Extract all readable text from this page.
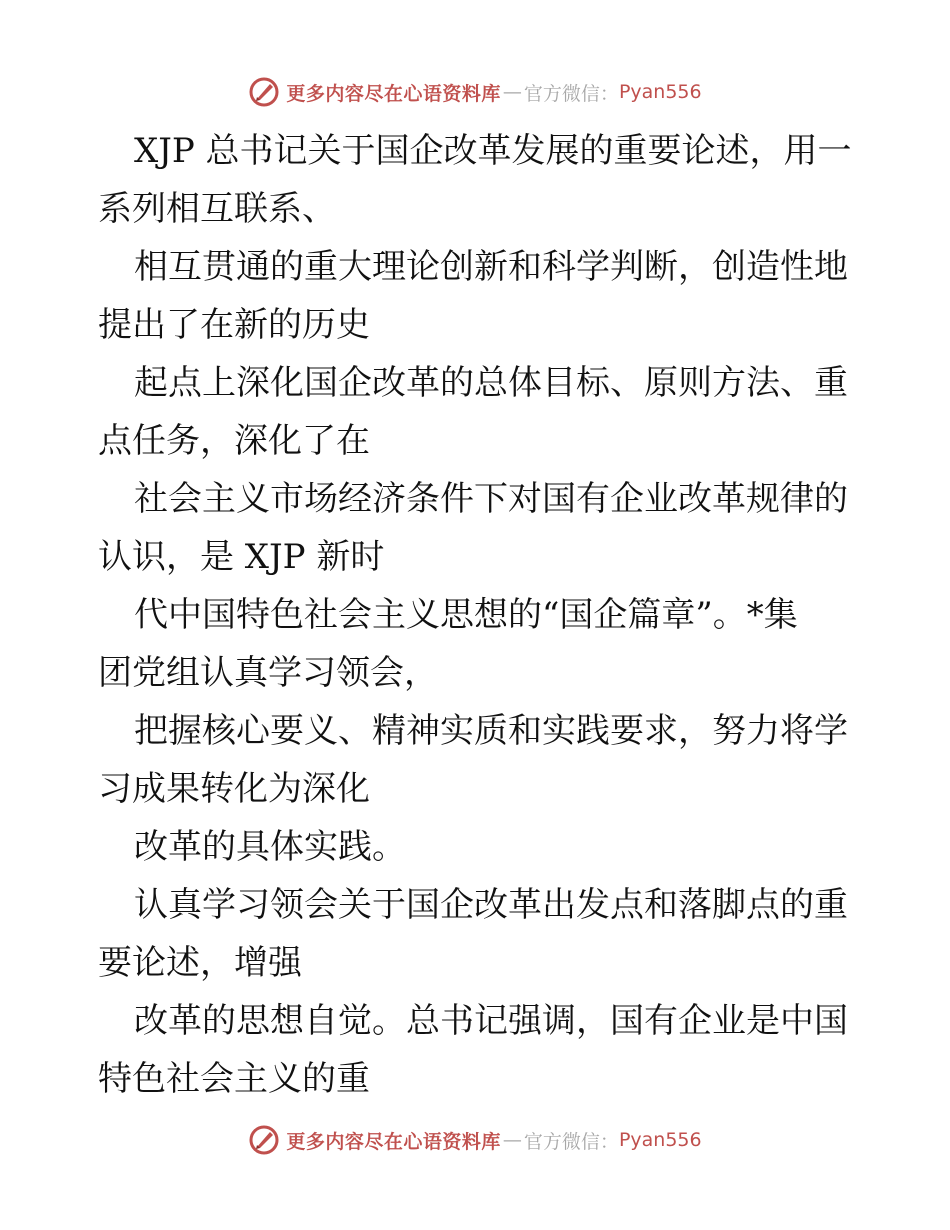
更多内容尽在心语资料库 — 官方微信： Pyan556
XJP 总书记关于国企改革发展的重要论述，用一
系列相互联系、
相互贯通的重大理论创新和科学判断，创造性地
提出了在新的历史
起点上深化国企改革的总体目标、原则方法、重
点任务，深化了在
社会主义市场经济条件下对国有企业改革规律的
认识，是 XJP 新时
代中国特色社会主义思想的“国企篇章”。*集
团党组认真学习领会，
把握核心要义、精神实质和实践要求，努力将学
习成果转化为深化
改革的具体实践。
认真学习领会关于国企改革出发点和落脚点的重
要论述，增强
改革的思想自觉。总书记强调，国有企业是中国
特色社会主义的重
更多内容尽在心语资料库 — 官方微信： Pyan556
